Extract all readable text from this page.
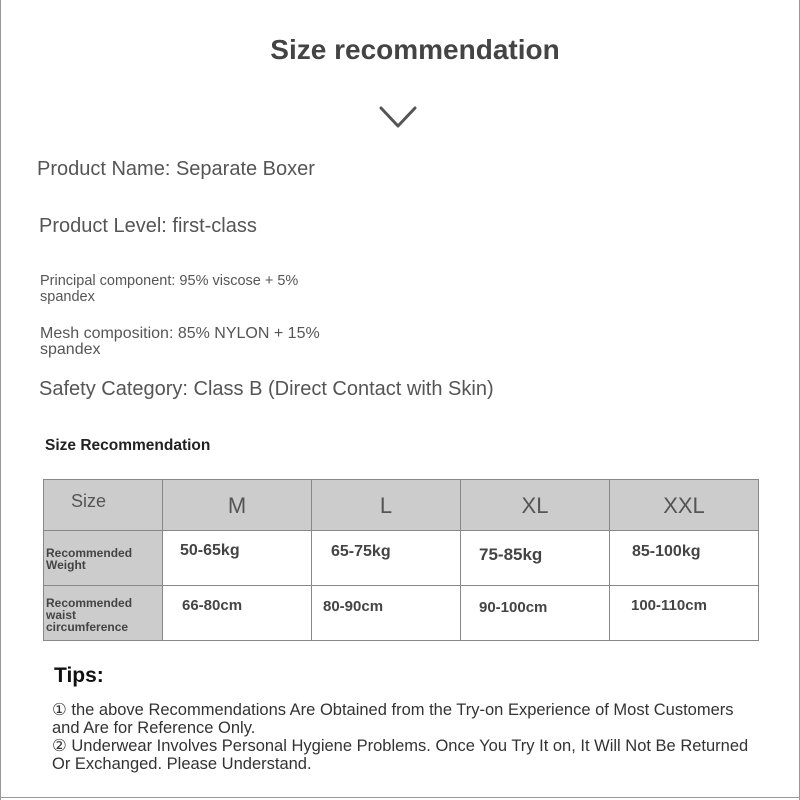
Size recommendation
Product Name: Separate Boxer
Product Level: first-class
Principal component: 95% viscose + 5% spandex
Mesh composition: 85% NYLON + 15% spandex
Safety Category: Class B (Direct Contact with Skin)
Size Recommendation
Size	M	L	XL	XXL

Recommended Weight	50-65kg	65-75kg	75-85kg	85-100kg

Recommended waist circumference	66-80cm	80-90cm	90-100cm	100-110cm
Tips:

① the above Recommendations Are Obtained from the Try-on Experience of Most Customers and Are for Reference Only.

② Underwear Involves Personal Hygiene Problems. Once You Try It on, It Will Not Be Returned Or Exchanged. Please Understand.
